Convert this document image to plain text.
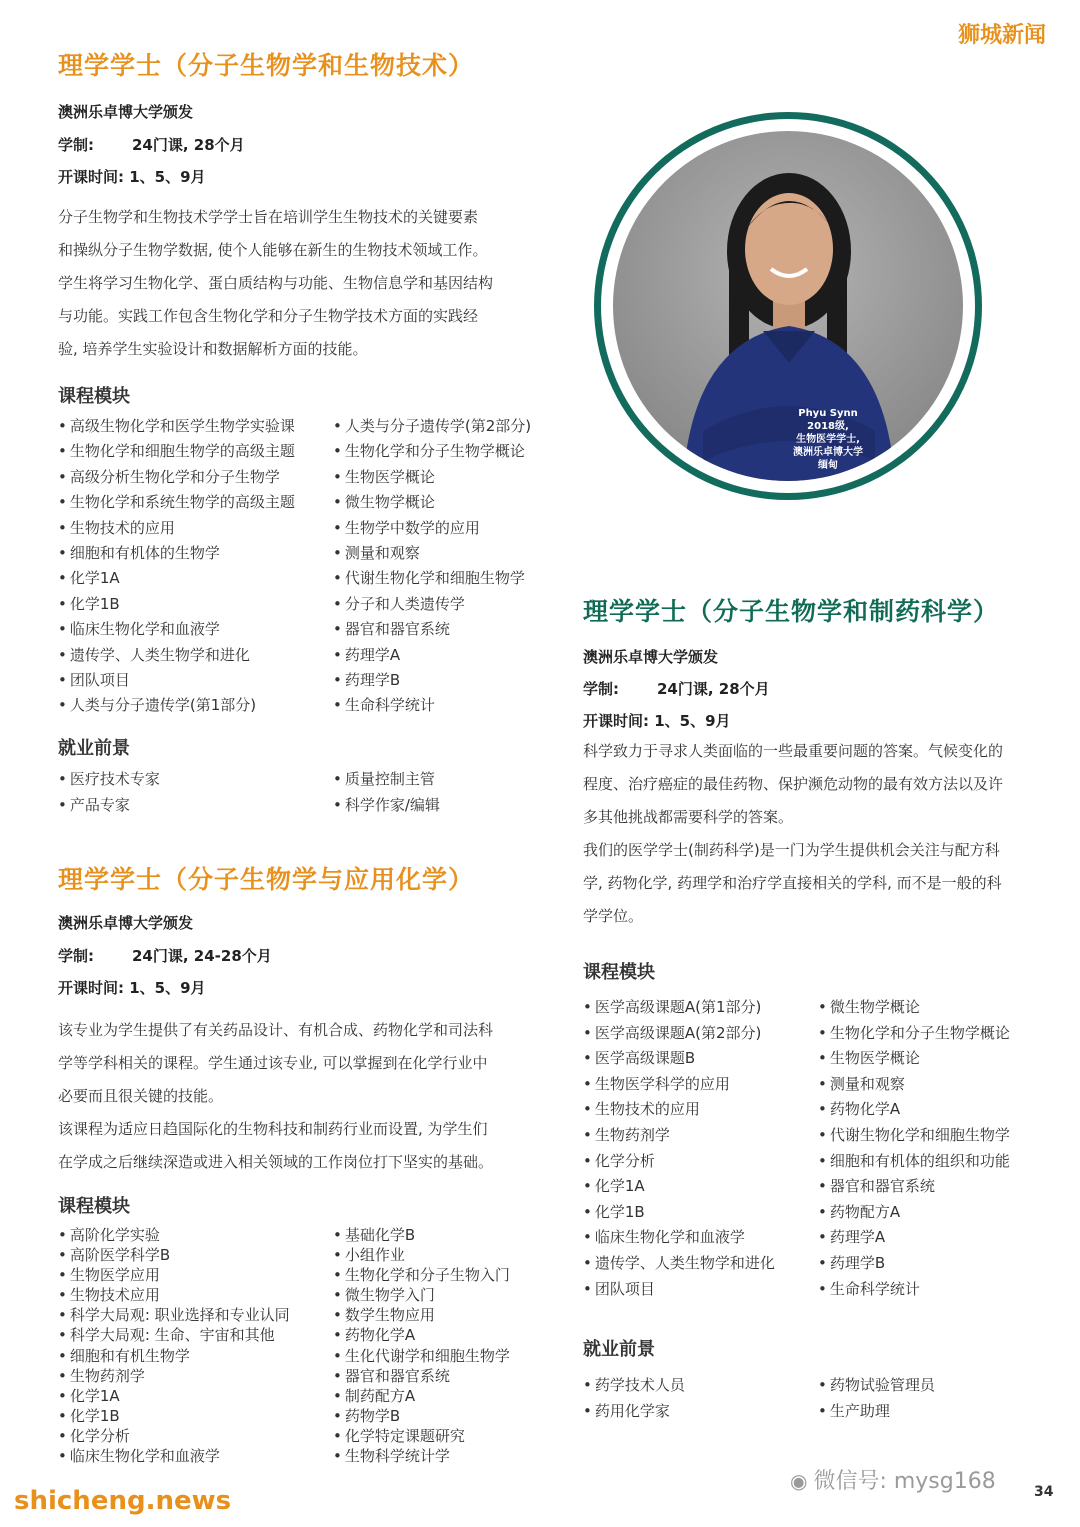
狮城新闻
shicheng.news
◉ 微信号: mysg168	34
理学学士（分子生物学和生物技术）
澳洲乐卓博大学颁发
学制:	24门课, 28个月
开课时间: 1、5、9月
分子生物学和生物技术学学士旨在培训学生生物技术的关键要素
和操纵分子生物学数据, 使个人能够在新生的生物技术领域工作。
学生将学习生物化学、蛋白质结构与功能、生物信息学和基因结构
与功能。实践工作包含生物化学和分子生物学技术方面的实践经
验, 培养学生实验设计和数据解析方面的技能。
课程模块
• 高级生物化学和医学生物学实验课
• 生物化学和细胞生物学的高级主题
• 高级分析生物化学和分子生物学
• 生物化学和系统生物学的高级主题
• 生物技术的应用
• 细胞和有机体的生物学
• 化学1A
• 化学1B
• 临床生物化学和血液学
• 遗传学、人类生物学和进化
• 团队项目
• 人类与分子遗传学(第1部分)
• 人类与分子遗传学(第2部分)
• 生物化学和分子生物学概论
• 生物医学概论
• 微生物学概论
• 生物学中数学的应用
• 测量和观察
• 代谢生物化学和细胞生物学
• 分子和人类遗传学
• 器官和器官系统
• 药理学A
• 药理学B
• 生命科学统计
就业前景
• 医疗技术专家
• 产品专家
• 质量控制主管
• 科学作家/编辑
理学学士（分子生物学与应用化学）
澳洲乐卓博大学颁发
学制:	24门课, 24-28个月
开课时间: 1、5、9月
该专业为学生提供了有关药品设计、有机合成、药物化学和司法科
学等学科相关的课程。学生通过该专业, 可以掌握到在化学行业中
必要而且很关键的技能。
该课程为适应日趋国际化的生物科技和制药行业而设置, 为学生们
在学成之后继续深造或进入相关领域的工作岗位打下坚实的基础。
课程模块
• 高阶化学实验
• 高阶医学科学B
• 生物医学应用
• 生物技术应用
• 科学大局观: 职业选择和专业认同
• 科学大局观: 生命、宇宙和其他
• 细胞和有机生物学
• 生物药剂学
• 化学1A
• 化学1B
• 化学分析
• 临床生物化学和血液学
• 基础化学B
• 小组作业
• 生物化学和分子生物入门
• 微生物学入门
• 数学生物应用
• 药物化学A
• 生化代谢学和细胞生物学
• 器官和器官系统
• 制药配方A
• 药物学B
• 化学特定课题研究
• 生物科学统计学
Phyu Synn
2018级,
生物医学学士,
澳洲乐卓博大学
缅甸
理学学士（分子生物学和制药科学）
澳洲乐卓博大学颁发
学制:	24门课, 28个月
开课时间: 1、5、9月
科学致力于寻求人类面临的一些最重要问题的答案。气候变化的
程度、治疗癌症的最佳药物、保护濒危动物的最有效方法以及许
多其他挑战都需要科学的答案。
我们的医学学士(制药科学)是一门为学生提供机会关注与配方科
学, 药物化学, 药理学和治疗学直接相关的学科, 而不是一般的科
学学位。
课程模块
• 医学高级课题A(第1部分)
• 医学高级课题A(第2部分)
• 医学高级课题B
• 生物医学科学的应用
• 生物技术的应用
• 生物药剂学
• 化学分析
• 化学1A
• 化学1B
• 临床生物化学和血液学
• 遗传学、人类生物学和进化
• 团队项目
• 微生物学概论
• 生物化学和分子生物学概论
• 生物医学概论
• 测量和观察
• 药物化学A
• 代谢生物化学和细胞生物学
• 细胞和有机体的组织和功能
• 器官和器官系统
• 药物配方A
• 药理学A
• 药理学B
• 生命科学统计
就业前景
• 药学技术人员
• 药用化学家
• 药物试验管理员
• 生产助理
